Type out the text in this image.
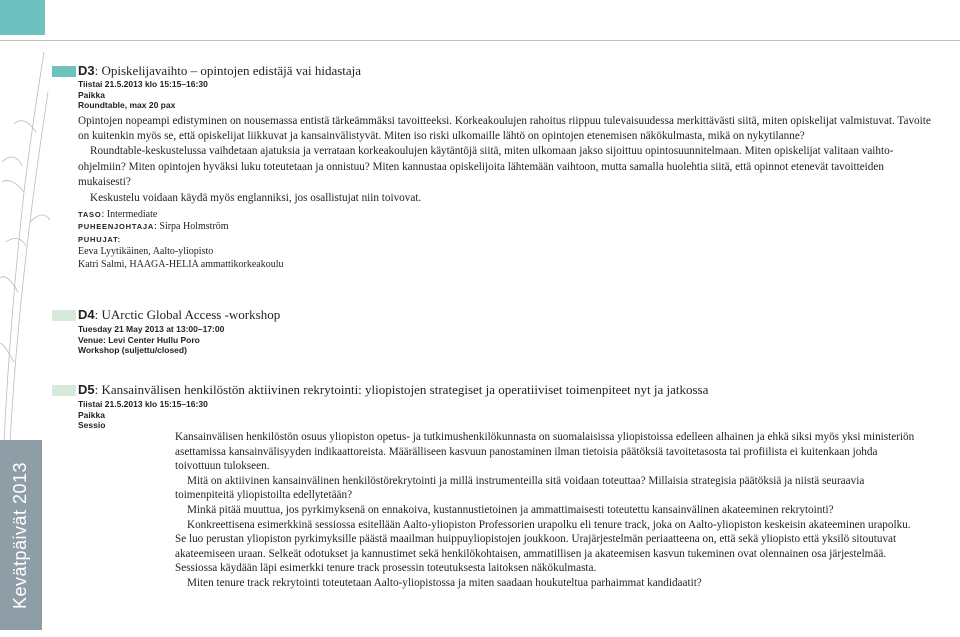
Kevätpäivät 2013

D3: Opiskelijavaihto – opintojen edistäjä vai hidastaja

Tiistai 21.5.2013 klo 15:15–16:30
Paikka
Roundtable, max 20 pax

Opintojen nopeampi edistyminen on nousemassa entistä tärkeämmäksi tavoitteeksi. Korkeakoulujen rahoitus riippuu tulevaisuudessa merkittävästi siitä, miten opiskelijat valmistuvat. Tavoite on kuitenkin myös se, että opiskelijat liikkuvat ja kansainvälistyvät. Miten iso riski ulkomaille lähtö on opintojen etenemisen näkökulmasta, mikä on nykytilanne?

Roundtable-keskustelussa vaihdetaan ajatuksia ja verrataan korkeakoulujen käytäntöjä siitä, miten ulkomaan jakso sijoittuu opintosuunnitelmaan. Miten opiskelijat valitaan vaihto-ohjelmiin? Miten opintojen hyväksi luku toteutetaan ja onnistuu? Miten kannustaa opiskelijoita lähtemään vaihtoon, mutta samalla huolehtia siitä, että opinnot etenevät tavoitteiden mukaisesti?

Keskustelu voidaan käydä myös englanniksi, jos osallistujat niin toivovat.

TASO: Intermediate
PUHEENJOHTAJA: Sirpa Holmström
PUHUJAT:
Eeva Lyytikäinen, Aalto-yliopisto
Katri Salmi, HAAGA-HELIA ammattikorkeakoulu

D4: UArctic Global Access -workshop

Tuesday 21 May 2013 at 13:00–17:00
Venue: Levi Center Hullu Poro
Workshop (suljettu/closed)

D5: Kansainvälisen henkilöstön aktiivinen rekrytointi: yliopistojen strategiset ja operatiiviset toimenpiteet nyt ja jatkossa

Tiistai 21.5.2013 klo 15:15–16:30
Paikka
Sessio

Kansainvälisen henkilöstön osuus yliopiston opetus- ja tutkimushenkilökunnasta on suomalaisissa yliopistoissa edelleen alhainen ja ehkä siksi myös yksi ministeriön asettamissa kansainvälisyyden indikaattoreista. Määrälliseen kasvuun panostaminen ilman tietoisia päätöksiä tavoitetasosta tai profiilista ei kuitenkaan johda toivottuun tulokseen.

Mitä on aktiivinen kansainvälinen henkilöstörekrytointi ja millä instrumenteilla sitä voidaan toteuttaa? Millaisia strategisia päätöksiä ja niistä seuraavia toimenpiteitä yliopistoilta edellytetään?

Minkä pitää muuttua, jos pyrkimyksenä on ennakoiva, kustannustietoinen ja ammattimaisesti toteutettu kansainvälinen akateeminen rekrytointi?

Konkreettisena esimerkkinä sessiossa esitellään Aalto-yliopiston Professorien urapolku eli tenure track, joka on Aalto-yliopiston keskeisin akateeminen urapolku. Se luo perustan yliopiston pyrkimyksille päästä maailman huippuyliopistojen joukkoon. Urajärjestelmän periaatteena on, että sekä yliopisto että yksilö sitoutuvat akateemiseen uraan. Selkeät odotukset ja kannustimet sekä henkilökohtaisen, ammatillisen ja akateemisen kasvun tukeminen ovat olennainen osa järjestelmää. Sessiossa käydään läpi esimerkki tenure track prosessin toteutuksesta laitoksen näkökulmasta.

Miten tenure track rekrytointi toteutetaan Aalto-yliopistossa ja miten saadaan houkuteltua parhaimmat kandidaatit?
